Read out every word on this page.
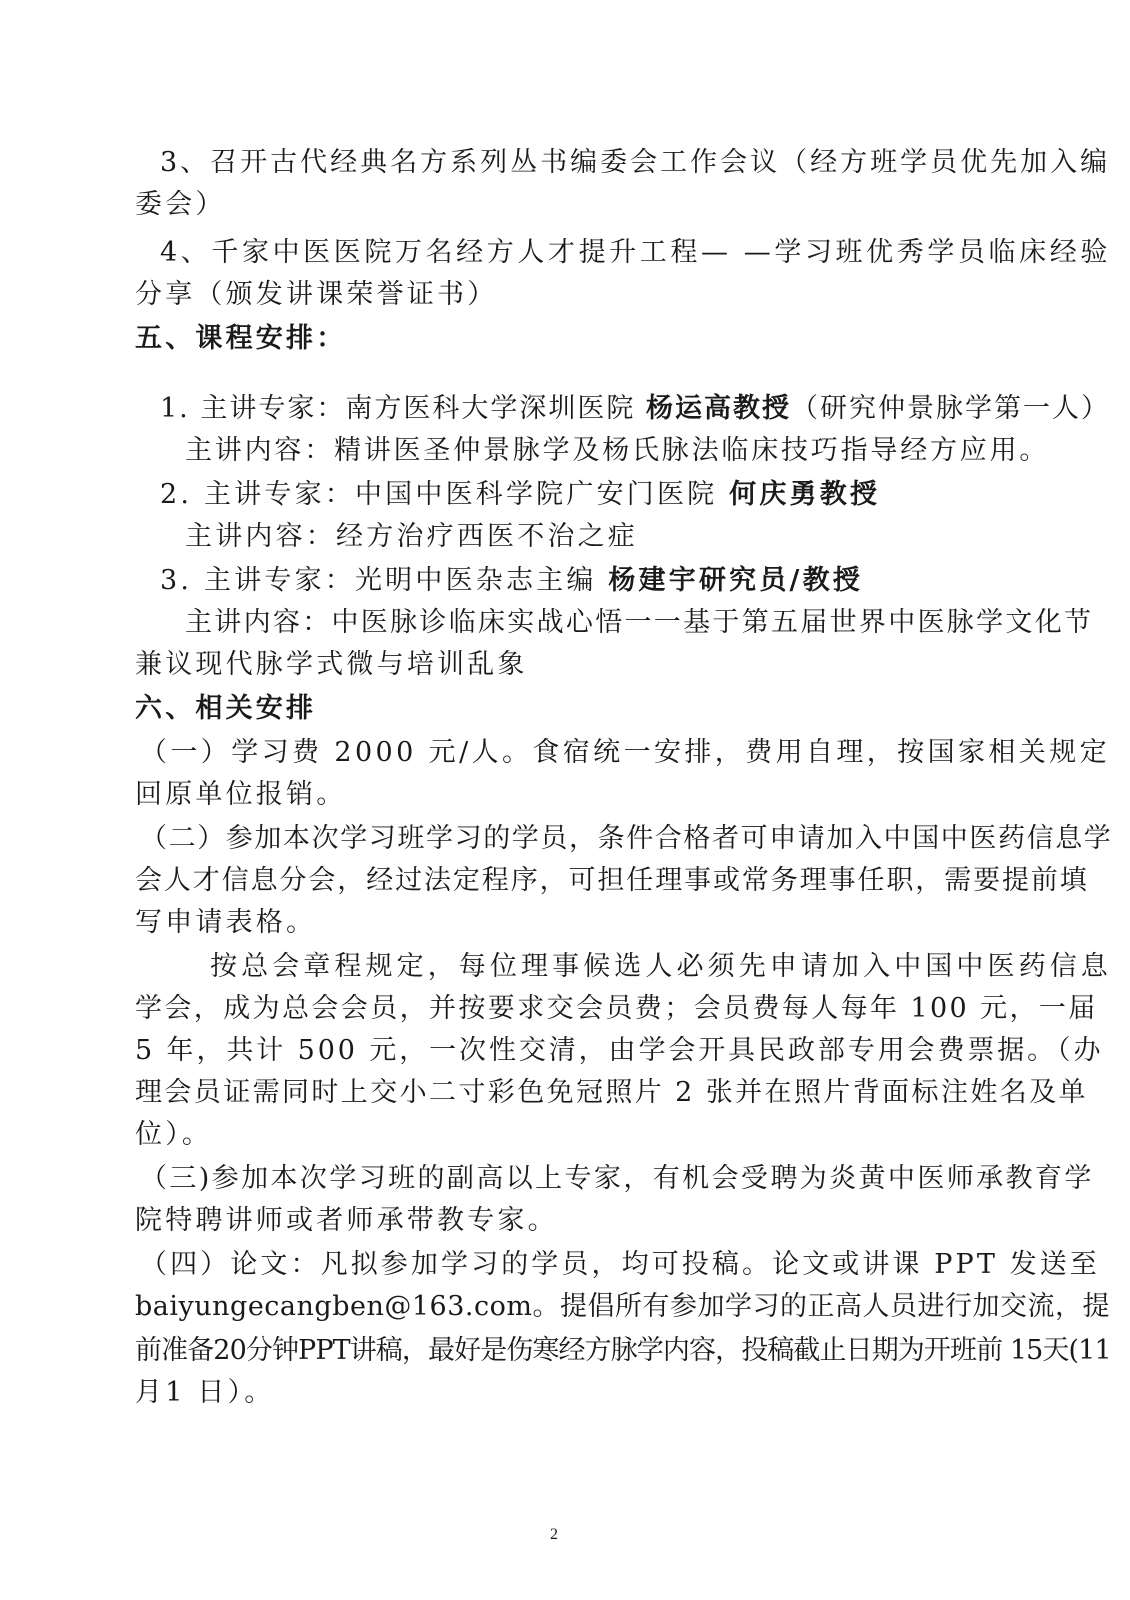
3、召开古代经典名方系列丛书编委会工作会议（经方班学员优先加入编
委会）
4、千家中医医院万名经方人才提升工程— —学习班优秀学员临床经验
分享（颁发讲课荣誉证书）
五、课程安排：
1. 主讲专家：南方医科大学深圳医院 杨运高教授（研究仲景脉学第一人）
主讲内容：精讲医圣仲景脉学及杨氏脉法临床技巧指导经方应用。
2. 主讲专家：中国中医科学院广安门医院 何庆勇教授
主讲内容：经方治疗西医不治之症
3. 主讲专家：光明中医杂志主编 杨建宇研究员/教授
主讲内容：中医脉诊临床实战心悟一一基于第五届世界中医脉学文化节
兼议现代脉学式微与培训乱象
六、相关安排
（一）学习费 2000 元/人。食宿统一安排，费用自理，按国家相关规定
回原单位报销。
（二）参加本次学习班学习的学员，条件合格者可申请加入中国中医药信息学
会人才信息分会，经过法定程序，可担任理事或常务理事任职，需要提前填
写申请表格。
按总会章程规定，每位理事候选人必须先申请加入中国中医药信息
学会，成为总会会员，并按要求交会员费；会员费每人每年 100 元，一届
5 年，共计 500 元，一次性交清，由学会开具民政部专用会费票据。（办
理会员证需同时上交小二寸彩色免冠照片 2 张并在照片背面标注姓名及单
位）。
（三)参加本次学习班的副高以上专家，有机会受聘为炎黄中医师承教育学
院特聘讲师或者师承带教专家。
（四）论文：凡拟参加学习的学员，均可投稿。论文或讲课 PPT 发送至
baiyungecangben@163.com。提倡所有参加学习的正高人员进行加交流，提
前准备20分钟PPT讲稿，最好是伤寒经方脉学内容，投稿截止日期为开班前 15天(11
月1 日）。
2
